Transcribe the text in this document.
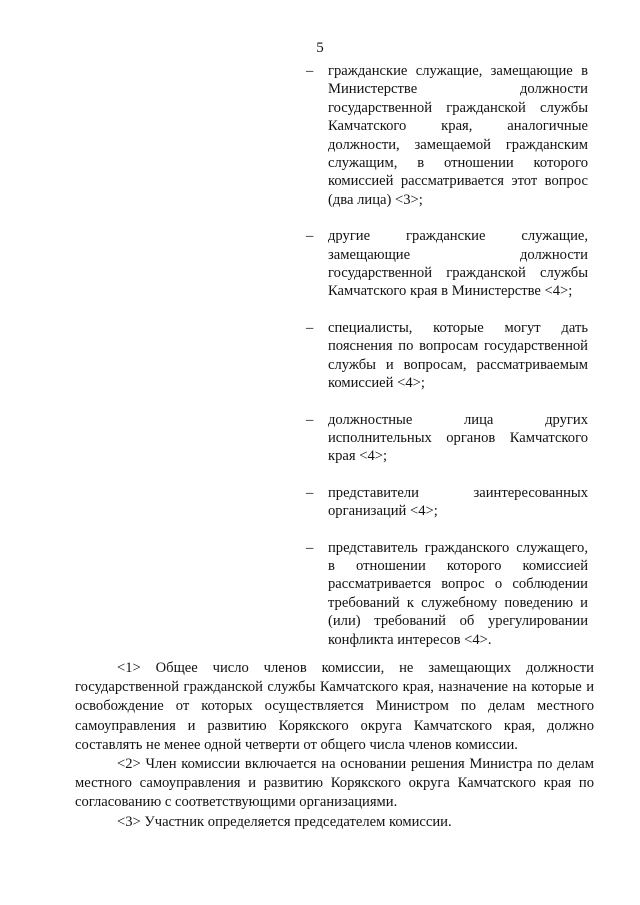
5
– гражданские служащие, замещающие в Министерстве должности государственной гражданской службы Камчатского края, аналогичные должности, замещаемой гражданским служащим, в отношении которого комиссией рассматривается этот вопрос (два лица) <3>;
– другие гражданские служащие, замещающие должности государственной гражданской службы Камчатского края в Министерстве <4>;
– специалисты, которые могут дать пояснения по вопросам государственной службы и вопросам, рассматриваемым комиссией <4>;
– должностные лица других исполнительных органов Камчатского края <4>;
– представители заинтересованных организаций <4>;
– представитель гражданского служащего, в отношении которого комиссией рассматривается вопрос о соблюдении требований к служебному поведению и (или) требований об урегулировании конфликта интересов <4>.

<1> Общее число членов комиссии, не замещающих должности государственной гражданской службы Камчатского края, назначение на которые и освобождение от которых осуществляется Министром по делам местного самоуправления и развитию Корякского округа Камчатского края, должно составлять не менее одной четверти от общего числа членов комиссии.

<2> Член комиссии включается на основании решения Министра по делам местного самоуправления и развитию Корякского округа Камчатского края по согласованию с соответствующими организациями.

<3> Участник определяется председателем комиссии.
